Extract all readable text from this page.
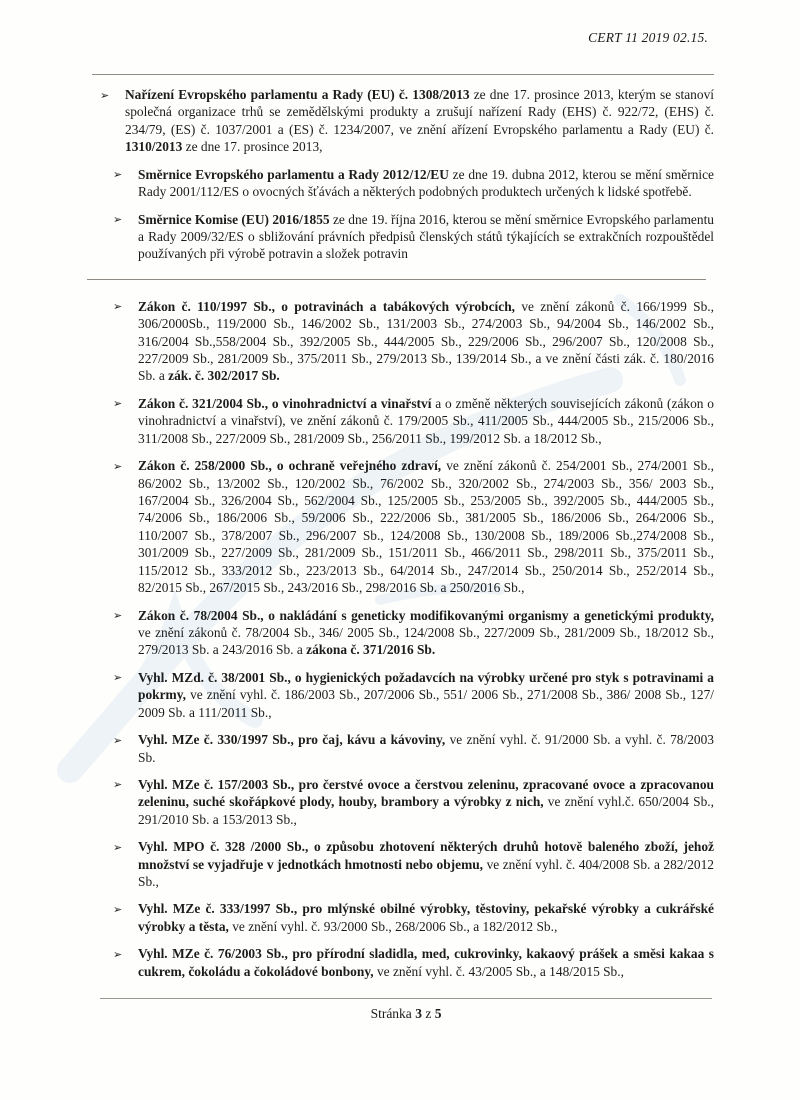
CERT 11 2019 02.15.
➢	Nařízení Evropského parlamentu a Rady (EU) č. 1308/2013 ze dne 17. prosince 2013, kterým se stanoví společná organizace trhů se zemědělskými produkty a zrušují nařízení Rady (EHS) č. 922/72, (EHS) č. 234/79, (ES) č. 1037/2001 a (ES) č. 1234/2007, ve znění ařízení Evropského parlamentu a Rady (EU) č. 1310/2013 ze dne 17. prosince 2013,

➢	Směrnice Evropského parlamentu a Rady 2012/12/EU ze dne 19. dubna 2012, kterou se mění směrnice Rady 2001/112/ES o ovocných šťávách a některých podobných produktech určených k lidské spotřebě.

➢	Směrnice Komise (EU) 2016/1855 ze dne 19. října 2016, kterou se mění směrnice Evropského parlamentu a Rady 2009/32/ES o sbližování právních předpisů členských států týkajících se extrakčních rozpouštědel používaných při výrobě potravin a složek potravin

➢	Zákon č. 110/1997 Sb., o potravinách a tabákových výrobcích, ve znění zákonů č. 166/1999 Sb., 306/2000Sb., 119/2000 Sb., 146/2002 Sb., 131/2003 Sb., 274/2003 Sb., 94/2004 Sb., 146/2002 Sb., 316/2004 Sb.,558/2004 Sb., 392/2005 Sb., 444/2005 Sb., 229/2006 Sb., 296/2007 Sb., 120/2008 Sb., 227/2009 Sb., 281/2009 Sb., 375/2011 Sb., 279/2013 Sb., 139/2014 Sb., a ve znění části zák. č. 180/2016 Sb. a zák. č. 302/2017 Sb.

➢	Zákon č. 321/2004 Sb., o vinohradnictví a vinařství a o změně některých souvisejících zákonů (zákon o vinohradnictví a vinařství), ve znění zákonů č. 179/2005 Sb., 411/2005 Sb., 444/2005 Sb., 215/2006 Sb., 311/2008 Sb., 227/2009 Sb., 281/2009 Sb., 256/2011 Sb., 199/2012 Sb. a 18/2012 Sb.,

➢	Zákon č. 258/2000 Sb., o ochraně veřejného zdraví, ve znění zákonů č. 254/2001 Sb., 274/2001 Sb., 86/2002 Sb., 13/2002 Sb., 120/2002 Sb., 76/2002 Sb., 320/2002 Sb., 274/2003 Sb., 356/ 2003 Sb., 167/2004 Sb., 326/2004 Sb., 562/2004 Sb., 125/2005 Sb., 253/2005 Sb., 392/2005 Sb., 444/2005 Sb., 74/2006 Sb., 186/2006 Sb., 59/2006 Sb., 222/2006 Sb., 381/2005 Sb., 186/2006 Sb., 264/2006 Sb., 110/2007 Sb., 378/2007 Sb., 296/2007 Sb., 124/2008 Sb., 130/2008 Sb., 189/2006 Sb.,274/2008 Sb., 301/2009 Sb., 227/2009 Sb., 281/2009 Sb., 151/2011 Sb., 466/2011 Sb., 298/2011 Sb., 375/2011 Sb., 115/2012 Sb., 333/2012 Sb., 223/2013 Sb., 64/2014 Sb., 247/2014 Sb., 250/2014 Sb., 252/2014 Sb., 82/2015 Sb., 267/2015 Sb., 243/2016 Sb., 298/2016 Sb. a 250/2016 Sb.,

➢	Zákon č. 78/2004 Sb., o nakládání s geneticky modifikovanými organismy a genetickými produkty, ve znění zákonů č. 78/2004 Sb., 346/ 2005 Sb., 124/2008 Sb., 227/2009 Sb., 281/2009 Sb., 18/2012 Sb., 279/2013 Sb. a 243/2016 Sb. a zákona č. 371/2016 Sb.

➢	Vyhl. MZd. č. 38/2001 Sb., o hygienických požadavcích na výrobky určené pro styk s potravinami a pokrmy, ve znění vyhl. č. 186/2003 Sb., 207/2006 Sb., 551/ 2006 Sb., 271/2008 Sb., 386/ 2008 Sb., 127/ 2009 Sb. a 111/2011 Sb.,

➢	Vyhl. MZe č. 330/1997 Sb., pro čaj, kávu a kávoviny, ve znění vyhl. č. 91/2000 Sb. a vyhl. č. 78/2003 Sb.

➢	Vyhl. MZe č. 157/2003 Sb., pro čerstvé ovoce a čerstvou zeleninu, zpracované ovoce a zpracovanou zeleninu, suché skořápkové plody, houby, brambory a výrobky z nich, ve znění vyhl.č. 650/2004 Sb., 291/2010 Sb. a 153/2013 Sb.,

➢	Vyhl. MPO č. 328 /2000 Sb., o způsobu zhotovení některých druhů hotově baleného zboží, jehož množství se vyjadřuje v jednotkách hmotnosti nebo objemu, ve znění vyhl. č. 404/2008 Sb. a 282/2012 Sb.,

➢	Vyhl. MZe č. 333/1997 Sb., pro mlýnské obilné výrobky, těstoviny, pekařské výrobky a cukrářské výrobky a těsta, ve znění vyhl. č. 93/2000 Sb., 268/2006 Sb., a 182/2012 Sb.,

➢	Vyhl. MZe č. 76/2003 Sb., pro přírodní sladidla, med, cukrovinky, kakaový prášek a směsi kakaa s cukrem, čokoládu a čokoládové bonbony, ve znění vyhl. č. 43/2005 Sb., a 148/2015 Sb.,

Stránka 3 z 5
